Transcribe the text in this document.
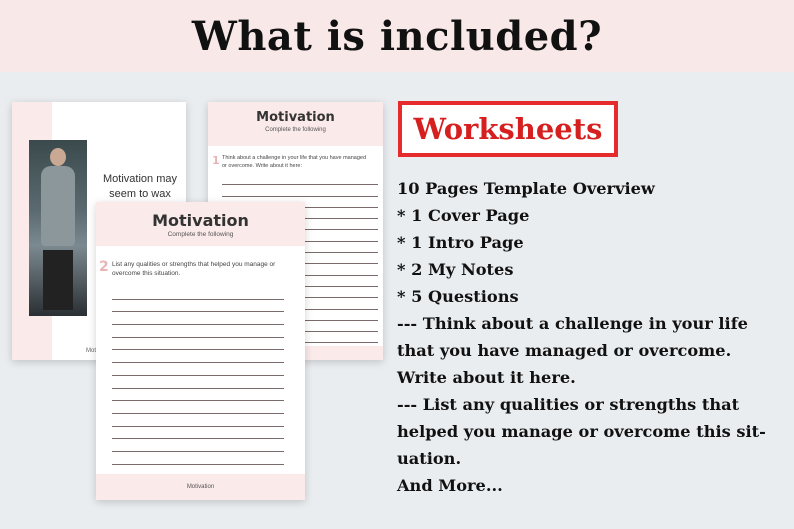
What is included?
Motivation may seem to wax
Mot
Motivation
Complete the following
1 Think about a challenge in your life that you have managed or overcome. Write about it here:
Motivation
Complete the following
2 List any qualities or strengths that helped you manage or overcome this situation.
Motivation
Worksheets
10 Pages Template Overview
* 1 Cover Page
* 1 Intro Page
* 2 My Notes
* 5 Questions
--- Think about a challenge in your life
that you have managed or overcome.
Write about it here.
--- List any qualities or strengths that
helped you manage or overcome this sit-
uation.
And More...
